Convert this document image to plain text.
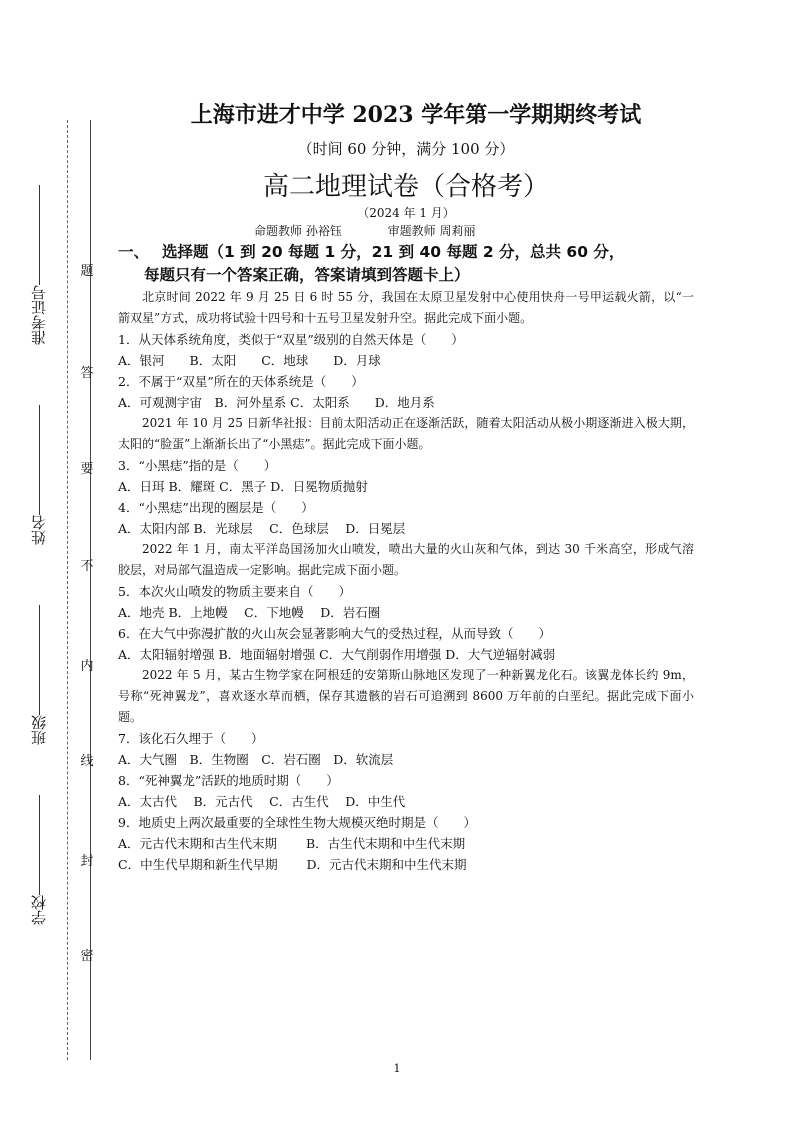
题
答
要
不
内
线
封
密
准考证号
姓名
班级
学校
上海市进才中学 2023 学年第一学期期终考试
（时间 60 分钟，满分 100 分）
高二地理试卷（合格考）
（2024 年 1 月）
命题教师 孙裕钰	审题教师 周莉丽
一、 选择题（1 到 20 每题 1 分，21 到 40 每题 2 分，总共 60 分，
每题只有一个答案正确，答案请填到答题卡上）
北京时间 2022 年 9 月 25 日 6 时 55 分，我国在太原卫星发射中心使用快舟一号甲运载火箭，以“一箭双星”方式，成功将试验十四号和十五号卫星发射升空。据此完成下面小题。
1．从天体系统角度，类似于“双星”级别的自然天体是（　　）
A．银河　　B．太阳　　C．地球　　D．月球
2．不属于“双星”所在的天体系统是（　　）
A．可观测宇宙　B．河外星系 C．太阳系　　D．地月系
2021 年 10 月 25 日新华社报：目前太阳活动正在逐渐活跃，随着太阳活动从极小期逐渐进入极大期，太阳的“脸蛋”上渐渐长出了“小黑痣”。据此完成下面小题。
3．“小黑痣”指的是（　　）
A．日珥 B．耀斑 C．黑子 D．日冕物质抛射
4．“小黑痣”出现的圈层是（　　）
A．太阳内部 B．光球层　 C．色球层　 D．日冕层
2022 年 1 月，南太平洋岛国汤加火山喷发，喷出大量的火山灰和气体，到达 30 千米高空，形成气溶胶层，对局部气温造成一定影响。据此完成下面小题。
5．本次火山喷发的物质主要来自（　　）
A．地壳 B．上地幔　 C．下地幔　 D．岩石圈
6．在大气中弥漫扩散的火山灰会显著影响大气的受热过程，从而导致（　　）
A．太阳辐射增强 B．地面辐射增强 C．大气削弱作用增强 D．大气逆辐射减弱
2022 年 5 月，某古生物学家在阿根廷的安第斯山脉地区发现了一种新翼龙化石。该翼龙体长约 9m，号称“死神翼龙”，喜欢逐水草而栖，保存其遗骸的岩石可追溯到 8600 万年前的白垩纪。据此完成下面小题。
7．该化石久埋于（　　）
A．大气圈　B．生物圈　C．岩石圈　D．软流层
8．“死神翼龙”活跃的地质时期（　　）
A．太古代　 B．元古代　 C．古生代　 D．中生代
9．地质史上两次最重要的全球性生物大规模灭绝时期是（　　）
A．元古代末期和古生代末期　　 B．古生代末期和中生代末期
C．中生代早期和新生代早期　　 D．元古代末期和中生代末期
1
